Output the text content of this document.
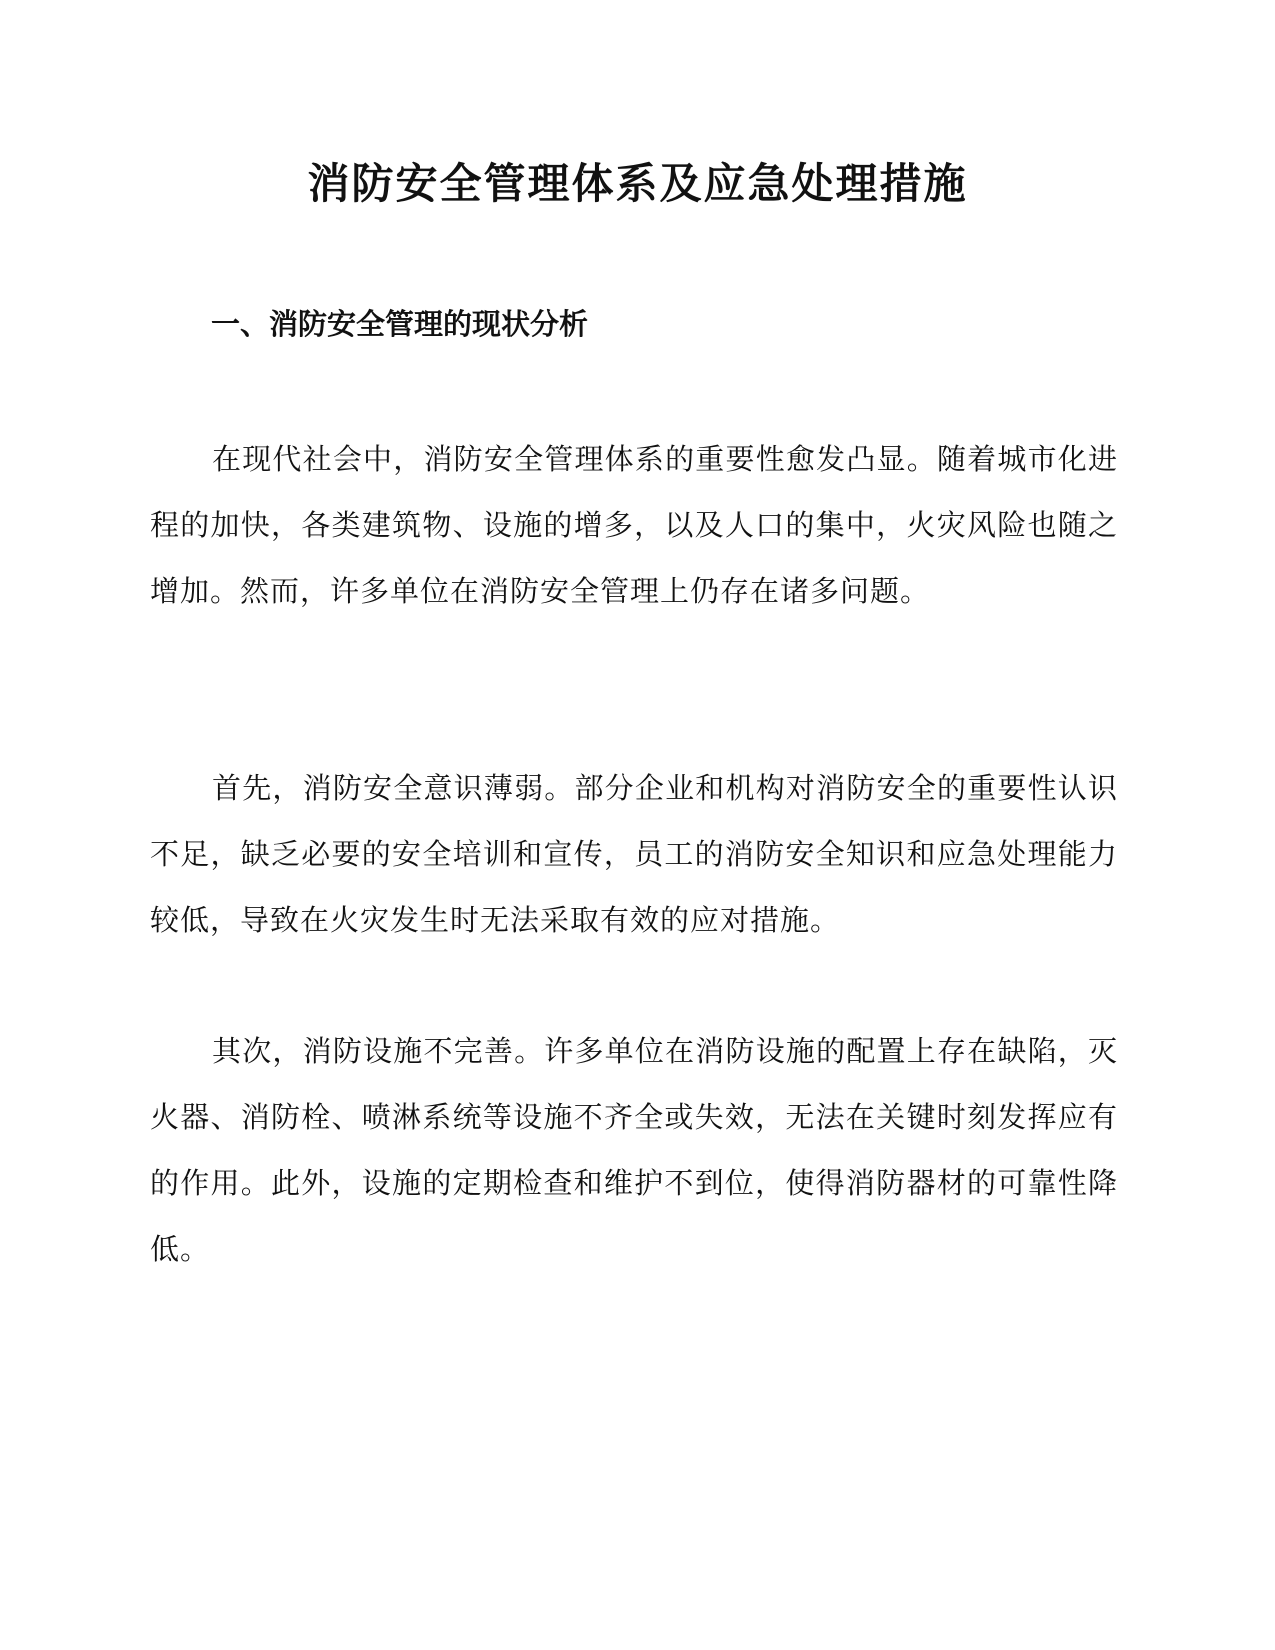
消防安全管理体系及应急处理措施
一、消防安全管理的现状分析

在现代社会中，消防安全管理体系的重要性愈发凸显。随着城市化进程的加快，各类建筑物、设施的增多，以及人口的集中，火灾风险也随之增加。然而，许多单位在消防安全管理上仍存在诸多问题。

首先，消防安全意识薄弱。部分企业和机构对消防安全的重要性认识不足，缺乏必要的安全培训和宣传，员工的消防安全知识和应急处理能力较低，导致在火灾发生时无法采取有效的应对措施。

其次，消防设施不完善。许多单位在消防设施的配置上存在缺陷，灭火器、消防栓、喷淋系统等设施不齐全或失效，无法在关键时刻发挥应有的作用。此外，设施的定期检查和维护不到位，使得消防器材的可靠性降低。
